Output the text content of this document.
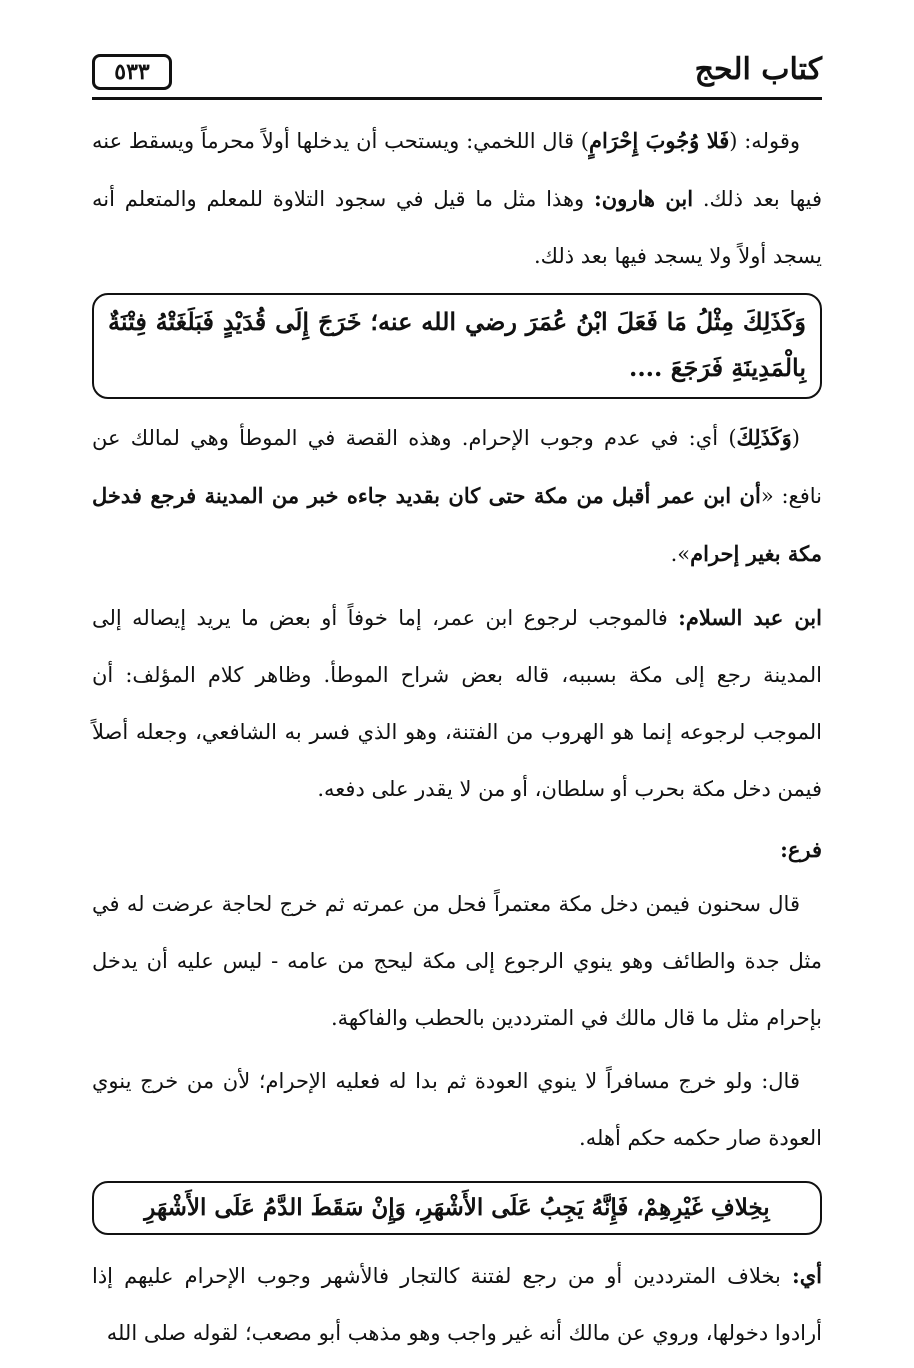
كتاب الحج
٥٣٣

وقوله: (فَلا وُجُوبَ إِحْرَامٍ) قال اللخمي: ويستحب أن يدخلها أولاً محرماً ويسقط عنه فيها بعد ذلك. ابن هارون: وهذا مثل ما قيل في سجود التلاوة للمعلم والمتعلم أنه يسجد أولاً ولا يسجد فيها بعد ذلك.

وَكَذَلِكَ مِثْلُ مَا فَعَلَ ابْنُ عُمَرَ رضي الله عنه؛ خَرَجَ إِلَى قُدَيْدٍ فَبَلَغَتْهُ فِتْنَةٌ بِالْمَدِينَةِ فَرَجَعَ ....

(وَكَذَلِكَ) أي: في عدم وجوب الإحرام. وهذه القصة في الموطأ وهي لمالك عن نافع: «أن ابن عمر أقبل من مكة حتى كان بقديد جاءه خبر من المدينة فرجع فدخل مكة بغير إحرام».

ابن عبد السلام: فالموجب لرجوع ابن عمر، إما خوفاً أو بعض ما يريد إيصاله إلى المدينة رجع إلى مكة بسببه، قاله بعض شراح الموطأ. وظاهر كلام المؤلف: أن الموجب لرجوعه إنما هو الهروب من الفتنة، وهو الذي فسر به الشافعي، وجعله أصلاً فيمن دخل مكة بحرب أو سلطان، أو من لا يقدر على دفعه.

فرع:

قال سحنون فيمن دخل مكة معتمراً فحل من عمرته ثم خرج لحاجة عرضت له في مثل جدة والطائف وهو ينوي الرجوع إلى مكة ليحج من عامه - ليس عليه أن يدخل بإحرام مثل ما قال مالك في المترددين بالحطب والفاكهة.

قال: ولو خرج مسافراً لا ينوي العودة ثم بدا له فعليه الإحرام؛ لأن من خرج ينوي العودة صار حكمه حكم أهله.

بِخِلافِ غَيْرِهِمْ، فَإِنَّهُ يَجِبُ عَلَى الأَشْهَرِ، وَإِنْ سَقَطَ الدَّمُ عَلَى الأَشْهَرِ

أي: بخلاف المترددين أو من رجع لفتنة كالتجار فالأشهر وجوب الإحرام عليهم إذا أرادوا دخولها، وروي عن مالك أنه غير واجب وهو مذهب أبو مصعب؛ لقوله صلى الله
